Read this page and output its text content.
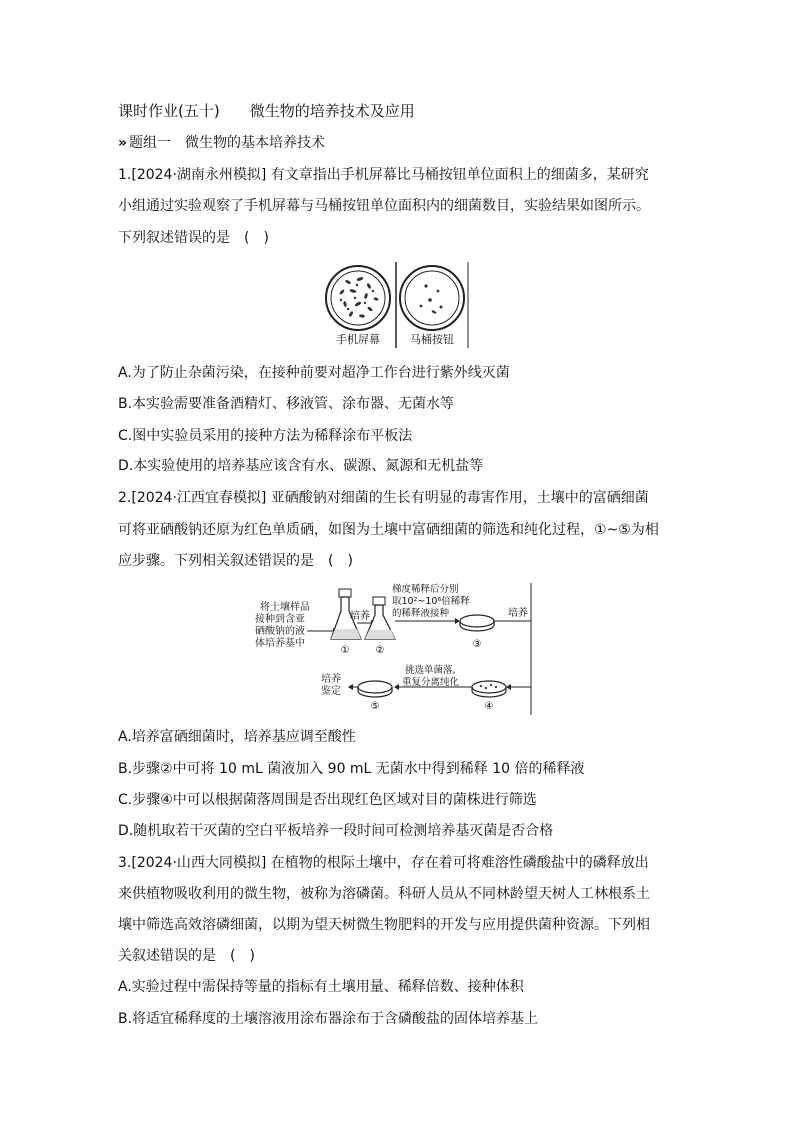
课时作业(五十)　　微生物的培养技术及应用
» 题组一　微生物的基本培养技术
1.[2024·湖南永州模拟] 有文章指出手机屏幕比马桶按钮单位面积上的细菌多，某研究
小组通过实验观察了手机屏幕与马桶按钮单位面积内的细菌数目，实验结果如图所示。
下列叙述错误的是　(　)
手机屏幕	马桶按钮
A.为了防止杂菌污染，在接种前要对超净工作台进行紫外线灭菌
B.本实验需要准备酒精灯、移液管、涂布器、无菌水等
C.图中实验员采用的接种方法为稀释涂布平板法
D.本实验使用的培养基应该含有水、碳源、氮源和无机盐等
2.[2024·江西宜春模拟] 亚硒酸钠对细菌的生长有明显的毒害作用，土壤中的富硒细菌
可将亚硒酸钠还原为红色单质硒，如图为土壤中富硒细菌的筛选和纯化过程，①~⑤为相
应步骤。下列相关叙述错误的是　(　)
将土壤样品
接种到含亚
硒酸钠的液
体培养基中
①
培养
②
梯度稀释后分别
取10²~10⁶倍稀释
的稀释液接种
③
培养
④
挑选单菌落,
重复分离纯化
⑤
培养
鉴定
A.培养富硒细菌时，培养基应调至酸性
B.步骤②中可将 10 mL 菌液加入 90 mL 无菌水中得到稀释 10 倍的稀释液
C.步骤④中可以根据菌落周围是否出现红色区域对目的菌株进行筛选
D.随机取若干灭菌的空白平板培养一段时间可检测培养基灭菌是否合格
3.[2024·山西大同模拟] 在植物的根际土壤中，存在着可将难溶性磷酸盐中的磷释放出
来供植物吸收利用的微生物，被称为溶磷菌。科研人员从不同林龄望天树人工林根系土
壤中筛选高效溶磷细菌，以期为望天树微生物肥料的开发与应用提供菌种资源。下列相
关叙述错误的是　(　)
A.实验过程中需保持等量的指标有土壤用量、稀释倍数、接种体积
B.将适宜稀释度的土壤溶液用涂布器涂布于含磷酸盐的固体培养基上
